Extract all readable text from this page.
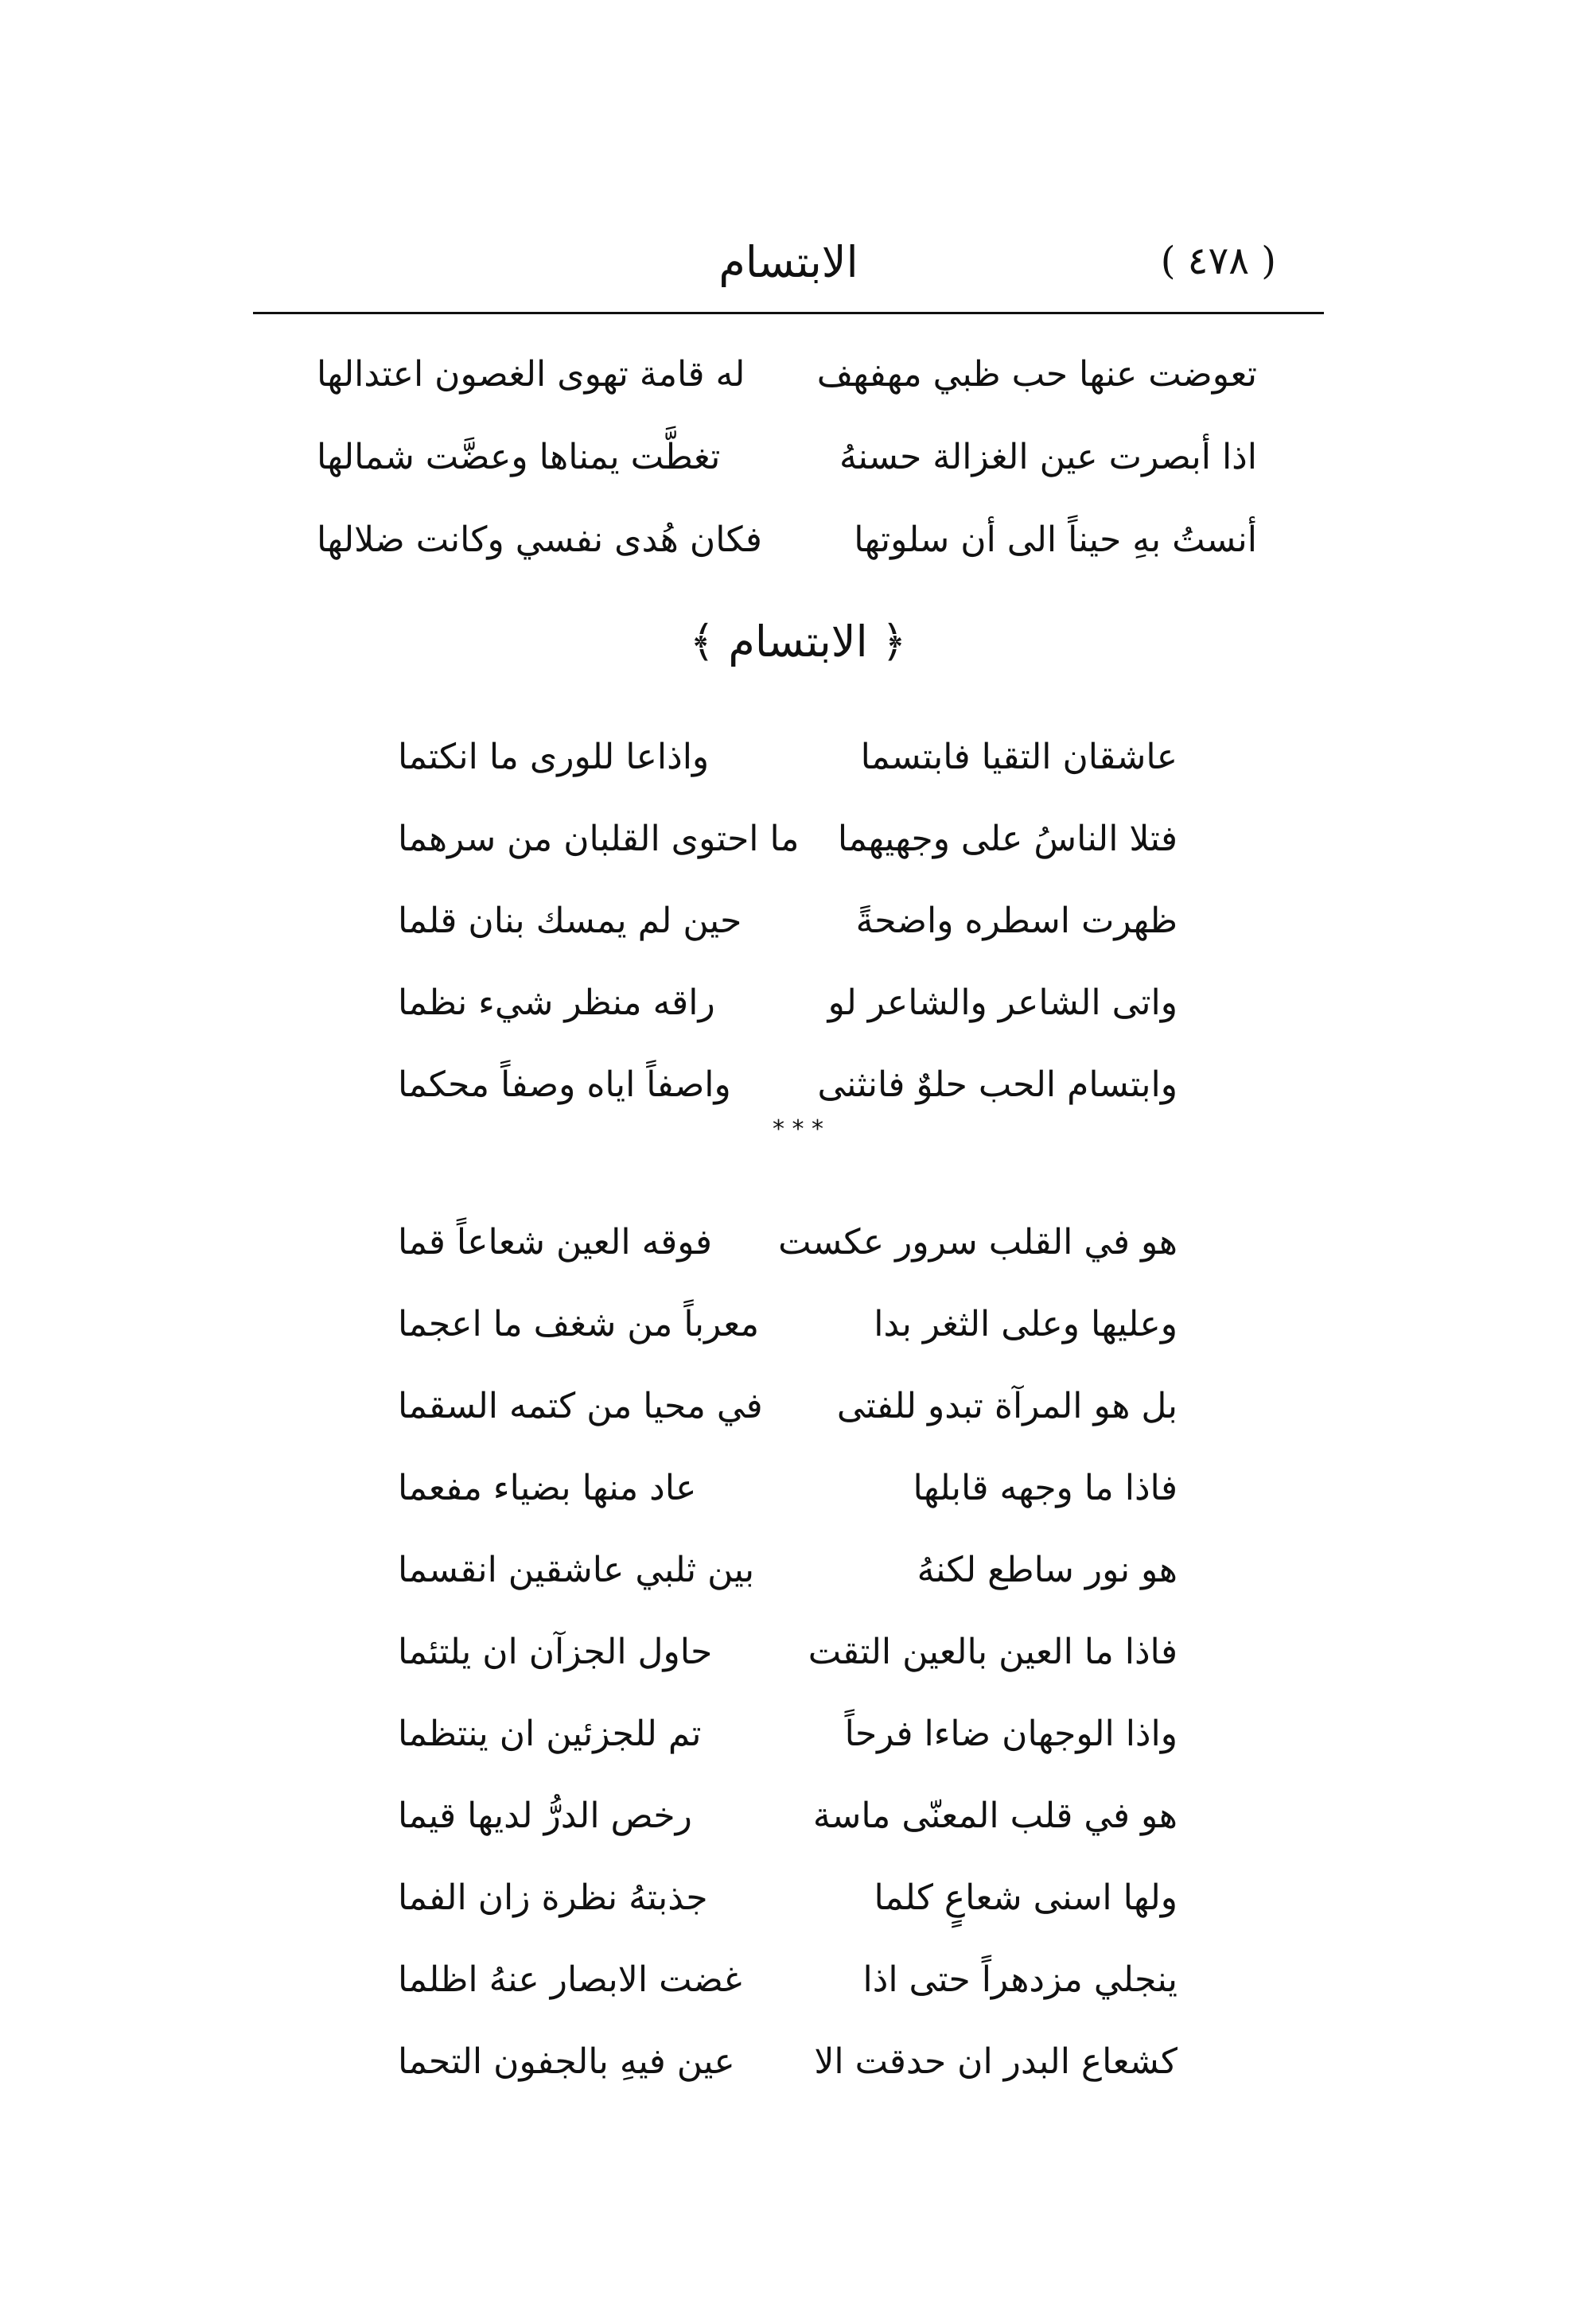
( ٤٧٨ )
الابتسام
تعوضت عنها حب ظبي مهفهف
له قامة تهوى الغصون اعتدالها
اذا أبصرت عين الغزالة حسنهُ
تغطَّت يمناها وعضَّت شمالها
أنستُ بهِ حيناً الى أن سلوتها
فكان هُدى نفسي وكانت ضلالها
﴿ الابتسام ﴾
عاشقان التقيا فابتسما
واذاعا للورى ما انكتما
فتلا الناسُ على وجهيهما
ما احتوى القلبان من سرهما
ظهرت اسطره واضحةً
حين لم يمسك بنان قلما
واتى الشاعر والشاعر لو
راقه منظر شيء نظما
وابتسام الحب حلوٌ فانثنى
واصفاً اياه وصفاً محكما
* * *
هو في القلب سرور عكست
فوقه العين شعاعاً قما
وعليها وعلى الثغر بدا
معرباً من شغف ما اعجما
بل هو المرآة تبدو للفتى
في محيا من كتمه السقما
فاذا ما وجهه قابلها
عاد منها بضياء مفعما
هو نور ساطع لكنهُ
بين ثلبي عاشقين انقسما
فاذا ما العين بالعين التقت
حاول الجزآن ان يلتئما
واذا الوجهان ضاءا فرحاً
تم للجزئين ان ينتظما
هو في قلب المعنّى ماسة
رخص الدرُّ لديها قيما
ولها اسنى شعاعٍ كلما
جذبتهُ نظرة زان الفما
ينجلي مزدهراً حتى اذا
غضت الابصار عنهُ اظلما
كشعاع البدر ان حدقت الا
عين فيهِ بالجفون التحما
